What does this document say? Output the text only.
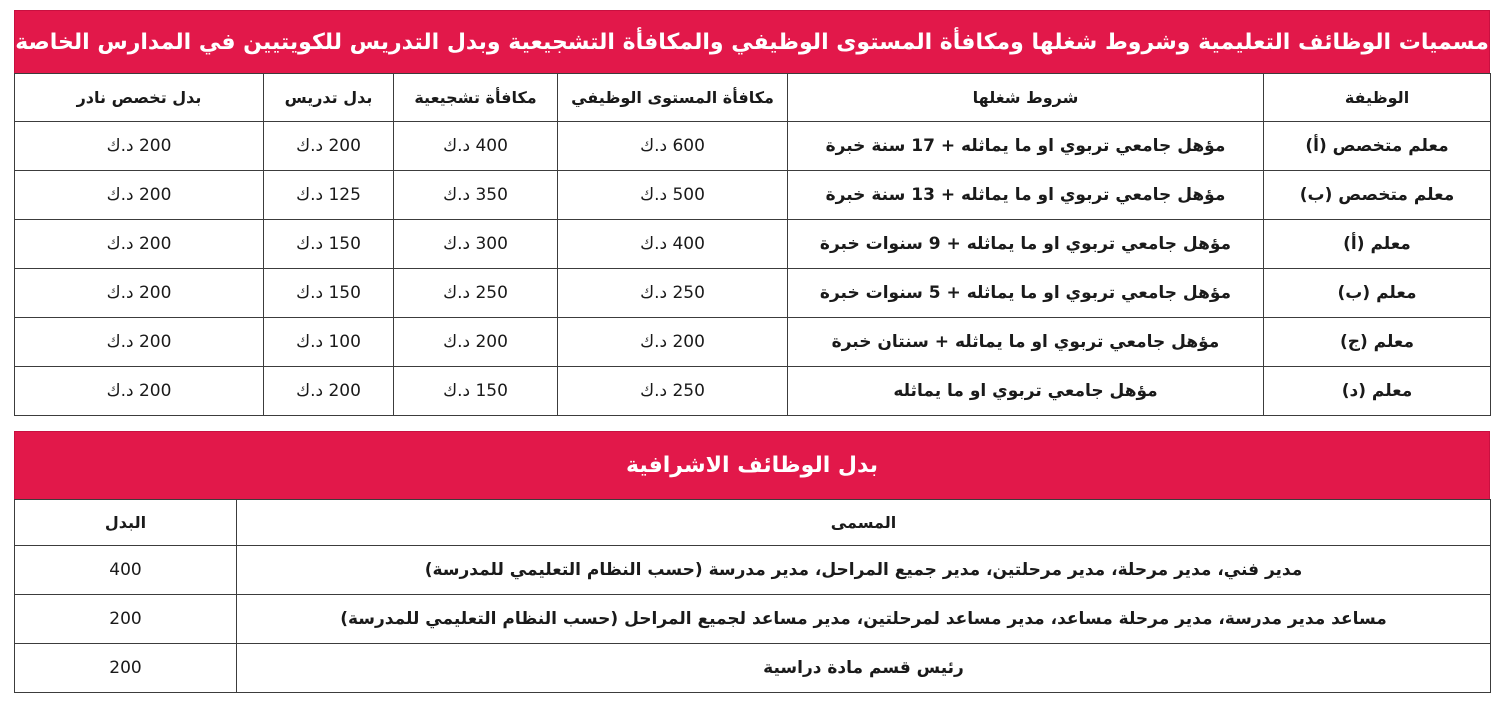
مسميات الوظائف التعليمية وشروط شغلها ومكافأة المستوى الوظيفي والمكافأة التشجيعية وبدل التدريس للكويتيين في المدارس الخاصة
الوظيفة	شروط شغلها	مكافأة المستوى الوظيفي	مكافأة تشجيعية	بدل تدريس	بدل تخصص نادر
معلم متخصص (أ)	مؤهل جامعي تربوي او ما يماثله + 17 سنة خبرة	600 د.ك	400 د.ك	200 د.ك	200 د.ك
معلم متخصص (ب)	مؤهل جامعي تربوي او ما يماثله + 13 سنة خبرة	500 د.ك	350 د.ك	125 د.ك	200 د.ك
معلم (أ)	مؤهل جامعي تربوي او ما يماثله + 9 سنوات خبرة	400 د.ك	300 د.ك	150 د.ك	200 د.ك
معلم (ب)	مؤهل جامعي تربوي او ما يماثله + 5 سنوات خبرة	250 د.ك	250 د.ك	150 د.ك	200 د.ك
معلم (ج)	مؤهل جامعي تربوي او ما يماثله + سنتان خبرة	200 د.ك	200 د.ك	100 د.ك	200 د.ك
معلم (د)	مؤهل جامعي تربوي او ما يماثله	250 د.ك	150 د.ك	200 د.ك	200 د.ك
بدل الوظائف الاشرافية
المسمى	البدل
مدير فني، مدير مرحلة، مدير مرحلتين، مدير جميع المراحل، مدير مدرسة (حسب النظام التعليمي للمدرسة)	400
مساعد مدير مدرسة، مدير مرحلة مساعد، مدير مساعد لمرحلتين، مدير مساعد لجميع المراحل (حسب النظام التعليمي للمدرسة)	200
رئيس قسم مادة دراسية	200
